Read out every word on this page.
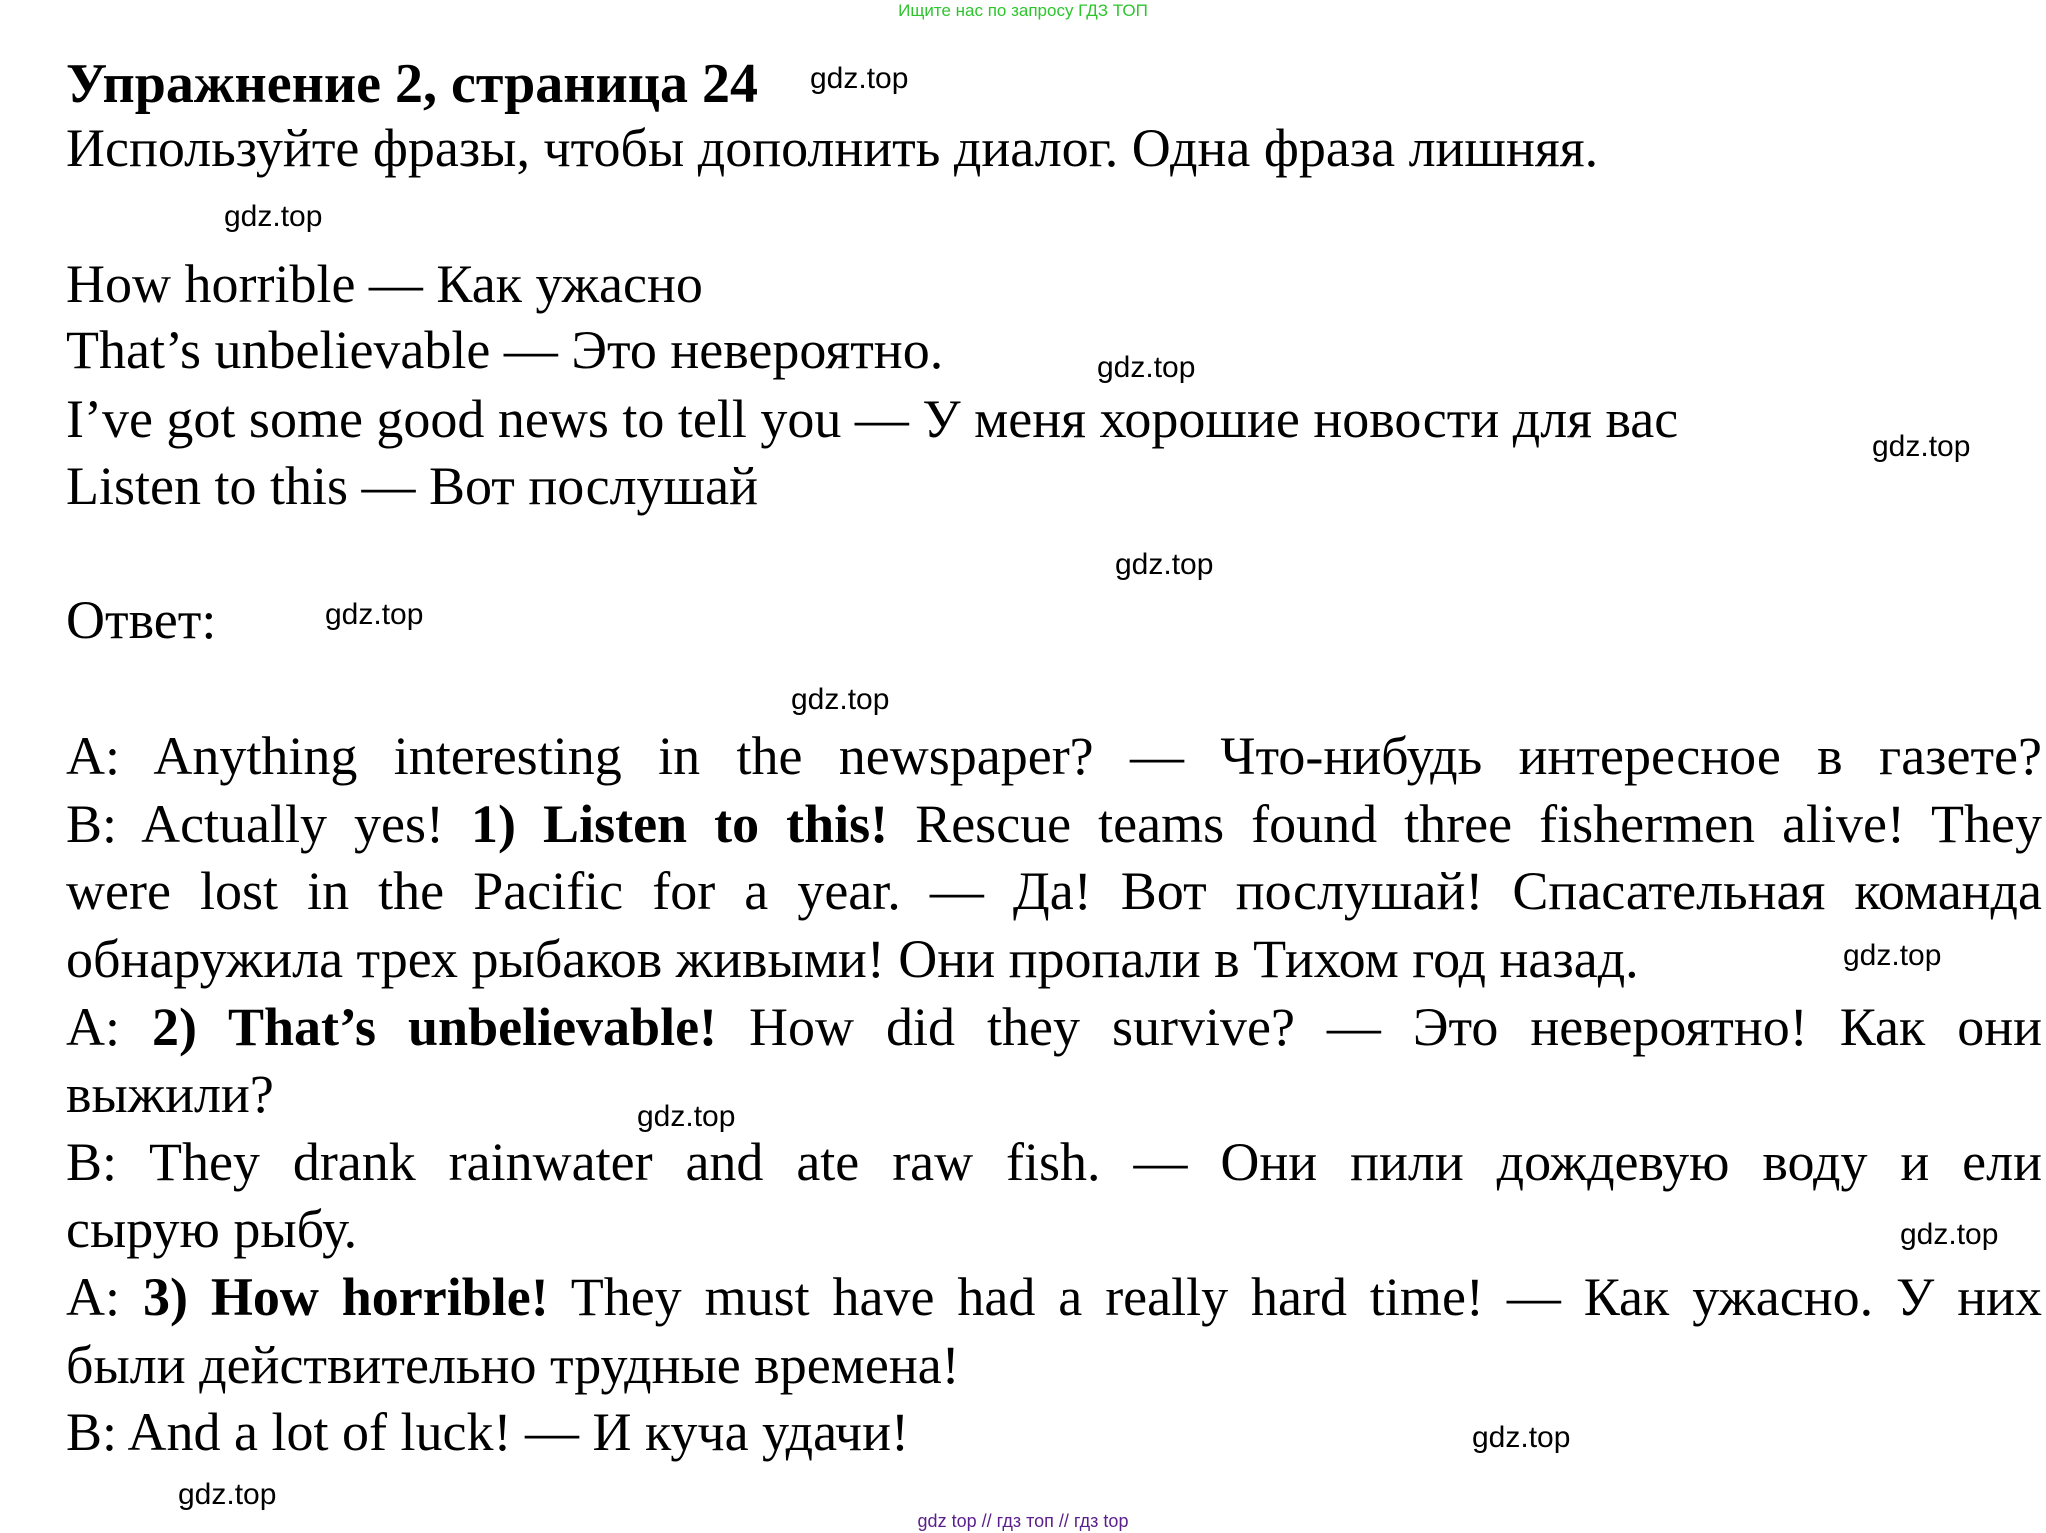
Ищите нас по запросу ГДЗ ТОП
Упражнение 2, страница 24
Используйте фразы, чтобы дополнить диалог. Одна фраза лишняя.
How horrible — Как ужасно
That’s unbelievable — Это невероятно.
I’ve got some good news to tell you — У меня хорошие новости для вас
Listen to this — Вот послушай
Ответ:
A: Anything interesting in the newspaper? — Что-нибудь интересное в газете?
B: Actually yes! 1) Listen to this! Rescue teams found three fishermen alive! They
were lost in the Pacific for a year. — Да! Вот послушай! Спасательная команда
обнаружила трех рыбаков живыми! Они пропали в Тихом год назад.
A: 2) That’s unbelievable! How did they survive? — Это невероятно! Как они
выжили?
B: They drank rainwater and ate raw fish. — Они пили дождевую воду и ели
сырую рыбу.
A: 3) How horrible! They must have had a really hard time! — Как ужасно. У них
были действительно трудные времена!
B: And a lot of luck! — И куча удачи!
gdz.top
gdz.top
gdz.top
gdz.top
gdz.top
gdz.top
gdz.top
gdz.top
gdz.top
gdz.top
gdz.top
gdz.top
gdz top // гдз топ // гдз top
